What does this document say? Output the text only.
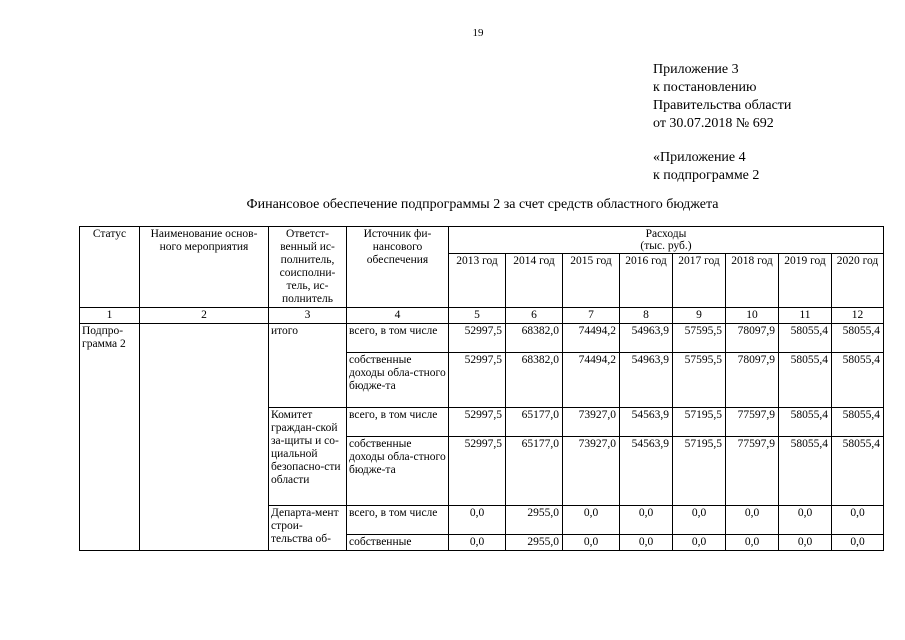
19
Приложение 3
к постановлению
Правительства области
от 30.07.2018 № 692
«Приложение 4
к подпрограмме 2
Финансовое обеспечение подпрограммы 2 за счет средств областного бюджета
Статус	Наименование основ-ного мероприятия	Ответст-венный ис-полнитель, соисполни-тель, ис-полнитель	Источник фи-нансового обеспечения	Расходы
(тыс. руб.)							

				2013 год	2014 год	2015 год	2016 год	2017 год	2018 год	2019 год	2020 год
1	2	3	4	5	6	7	8	9	10	11	12
Подпро-грамма 2		итого	всего, в том числе	52997,5	68382,0	74494,2	54963,9	57595,5	78097,9	58055,4	58055,4
			собственные доходы обла-стного бюдже-та	52997,5	68382,0	74494,2	54963,9	57595,5	78097,9	58055,4	58055,4
		Комитет граждан-ской за-щиты и со-циальной безопасно-сти области	всего, в том числе	52997,5	65177,0	73927,0	54563,9	57195,5	77597,9	58055,4	58055,4
			собственные доходы обла-стного бюдже-та	52997,5	65177,0	73927,0	54563,9	57195,5	77597,9	58055,4	58055,4
		Департа-мент строи-тельства об-	всего, в том числе	0,0	2955,0	0,0	0,0	0,0	0,0	0,0	0,0
			собственные	0,0	2955,0	0,0	0,0	0,0	0,0	0,0	0,0
